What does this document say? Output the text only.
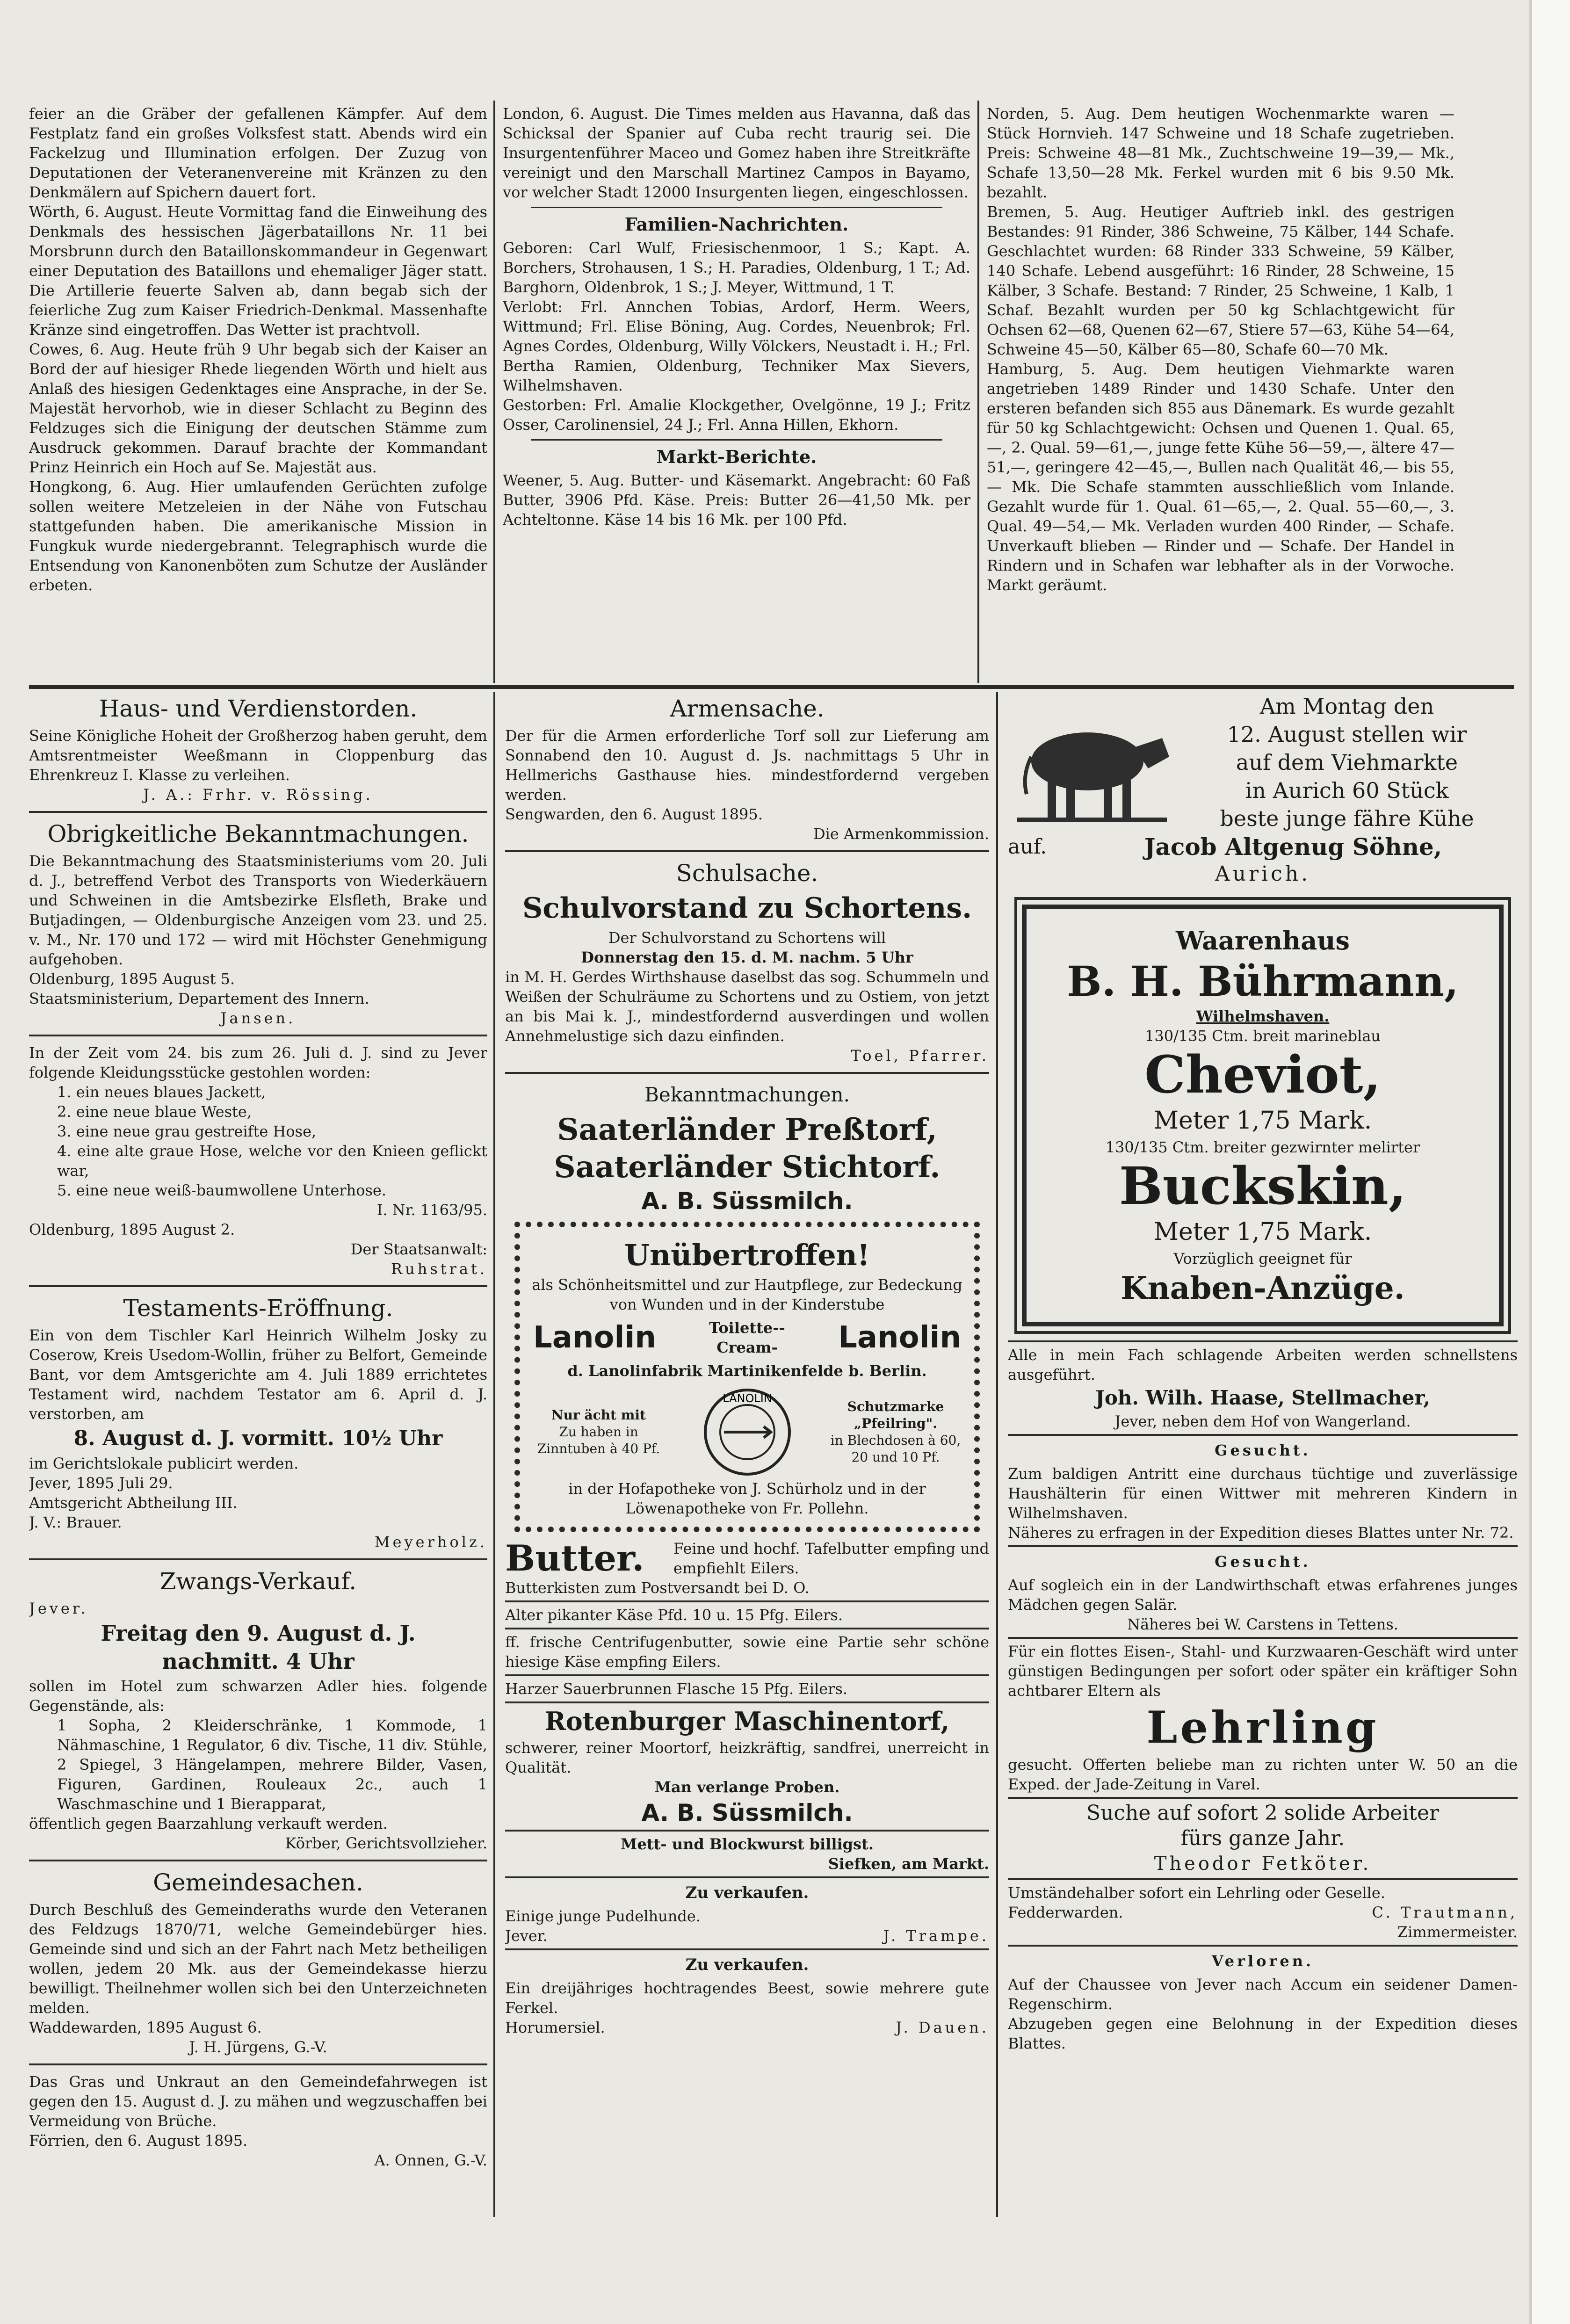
feier an die Gräber der gefallenen Kämpfer. Auf dem Festplatz fand ein großes Volksfest statt. Abends wird ein Fackelzug und Illumination erfolgen. Der Zuzug von Deputationen der Veteranenvereine mit Kränzen zu den Denkmälern auf Spichern dauert fort.

Wörth, 6. August. Heute Vormittag fand die Einweihung des Denkmals des hessischen Jägerbataillons Nr. 11 bei Morsbrunn durch den Bataillonskommandeur in Gegenwart einer Deputation des Bataillons und ehemaliger Jäger statt. Die Artillerie feuerte Salven ab, dann begab sich der feierliche Zug zum Kaiser Friedrich-Denkmal. Massenhafte Kränze sind eingetroffen. Das Wetter ist prachtvoll.

Cowes, 6. Aug. Heute früh 9 Uhr begab sich der Kaiser an Bord der auf hiesiger Rhede liegenden Wörth und hielt aus Anlaß des hiesigen Gedenktages eine Ansprache, in der Se. Majestät hervorhob, wie in dieser Schlacht zu Beginn des Feldzuges sich die Einigung der deutschen Stämme zum Ausdruck gekommen. Darauf brachte der Kommandant Prinz Heinrich ein Hoch auf Se. Majestät aus.

Hongkong, 6. Aug. Hier umlaufenden Gerüchten zufolge sollen weitere Metzeleien in der Nähe von Futschau stattgefunden haben. Die amerikanische Mission in Fungkuk wurde niedergebrannt. Telegraphisch wurde die Entsendung von Kanonenböten zum Schutze der Ausländer erbeten.

London, 6. August. Die Times melden aus Havanna, daß das Schicksal der Spanier auf Cuba recht traurig sei. Die Insurgentenführer Maceo und Gomez haben ihre Streitkräfte vereinigt und den Marschall Martinez Campos in Bayamo, vor welcher Stadt 12000 Insurgenten liegen, eingeschlossen.

Familien-Nachrichten.

Geboren: Carl Wulf, Friesischenmoor, 1 S.; Kapt. A. Borchers, Strohausen, 1 S.; H. Paradies, Oldenburg, 1 T.; Ad. Barghorn, Oldenbrok, 1 S.; J. Meyer, Wittmund, 1 T.

Verlobt: Frl. Annchen Tobias, Ardorf, Herm. Weers, Wittmund; Frl. Elise Böning, Aug. Cordes, Neuenbrok; Frl. Agnes Cordes, Oldenburg, Willy Völckers, Neustadt i. H.; Frl. Bertha Ramien, Oldenburg, Techniker Max Sievers, Wilhelmshaven.

Gestorben: Frl. Amalie Klockgether, Ovelgönne, 19 J.; Fritz Osser, Carolinensiel, 24 J.; Frl. Anna Hillen, Ekhorn.

Markt-Berichte.

Weener, 5. Aug. Butter- und Käsemarkt. Angebracht: 60 Faß Butter, 3906 Pfd. Käse. Preis: Butter 26—41,50 Mk. per Achteltonne. Käse 14 bis 16 Mk. per 100 Pfd.

Norden, 5. Aug. Dem heutigen Wochenmarkte waren — Stück Hornvieh. 147 Schweine und 18 Schafe zugetrieben. Preis: Schweine 48—81 Mk., Zuchtschweine 19—39,— Mk., Schafe 13,50—28 Mk. Ferkel wurden mit 6 bis 9.50 Mk. bezahlt.

Bremen, 5. Aug. Heutiger Auftrieb inkl. des gestrigen Bestandes: 91 Rinder, 386 Schweine, 75 Kälber, 144 Schafe. Geschlachtet wurden: 68 Rinder 333 Schweine, 59 Kälber, 140 Schafe. Lebend ausgeführt: 16 Rinder, 28 Schweine, 15 Kälber, 3 Schafe. Bestand: 7 Rinder, 25 Schweine, 1 Kalb, 1 Schaf. Bezahlt wurden per 50 kg Schlachtgewicht für Ochsen 62—68, Quenen 62—67, Stiere 57—63, Kühe 54—64, Schweine 45—50, Kälber 65—80, Schafe 60—70 Mk.

Hamburg, 5. Aug. Dem heutigen Viehmarkte waren angetrieben 1489 Rinder und 1430 Schafe. Unter den ersteren befanden sich 855 aus Dänemark. Es wurde gezahlt für 50 kg Schlachtgewicht: Ochsen und Quenen 1. Qual. 65,—, 2. Qual. 59—61,—, junge fette Kühe 56—59,—, ältere 47—51,—, geringere 42—45,—, Bullen nach Qualität 46,— bis 55,— Mk. Die Schafe stammten ausschließlich vom Inlande. Gezahlt wurde für 1. Qual. 61—65,—, 2. Qual. 55—60,—, 3. Qual. 49—54,— Mk. Verladen wurden 400 Rinder, — Schafe. Unverkauft blieben — Rinder und — Schafe. Der Handel in Rindern und in Schafen war lebhafter als in der Vorwoche. Markt geräumt.

Haus- und Verdienstorden.

Seine Königliche Hoheit der Großherzog haben geruht, dem Amtsrentmeister Weeßmann in Cloppenburg das Ehrenkreuz I. Klasse zu verleihen.

J. A.: Frhr. v. Rössing.

Obrigkeitliche Bekanntmachungen.

Die Bekanntmachung des Staatsministeriums vom 20. Juli d. J., betreffend Verbot des Transports von Wiederkäuern und Schweinen in die Amtsbezirke Elsfleth, Brake und Butjadingen, — Oldenburgische Anzeigen vom 23. und 25. v. M., Nr. 170 und 172 — wird mit Höchster Genehmigung aufgehoben.

Oldenburg, 1895 August 5.

Staatsministerium, Departement des Innern.

Jansen.

In der Zeit vom 24. bis zum 26. Juli d. J. sind zu Jever folgende Kleidungsstücke gestohlen worden:

1. ein neues blaues Jackett,

2. eine neue blaue Weste,

3. eine neue grau gestreifte Hose,

4. eine alte graue Hose, welche vor den Knieen geflickt war,

5. eine neue weiß-baumwollene Unterhose.

I. Nr. 1163/95.

Oldenburg, 1895 August 2.

Der Staatsanwalt:

Ruhstrat.

Testaments-Eröffnung.

Ein von dem Tischler Karl Heinrich Wilhelm Josky zu Coserow, Kreis Usedom-Wollin, früher zu Belfort, Gemeinde Bant, vor dem Amtsgerichte am 4. Juli 1889 errichtetes Testament wird, nachdem Testator am 6. April d. J. verstorben, am

8. August d. J. vormitt. 10½ Uhr

im Gerichtslokale publicirt werden.

Jever, 1895 Juli 29.

Amtsgericht Abtheilung III.

J. V.: Brauer.

Meyerholz.

Zwangs-Verkauf.

Jever.

Freitag den 9. August d. J.

nachmitt. 4 Uhr

sollen im Hotel zum schwarzen Adler hies. folgende Gegenstände, als:

1 Sopha, 2 Kleiderschränke, 1 Kommode, 1 Nähmaschine, 1 Regulator, 6 div. Tische, 11 div. Stühle, 2 Spiegel, 3 Hängelampen, mehrere Bilder, Vasen, Figuren, Gardinen, Rouleaux 2c., auch 1 Waschmaschine und 1 Bierapparat,

öffentlich gegen Baarzahlung verkauft werden.

Körber, Gerichtsvollzieher.

Gemeindesachen.

Durch Beschluß des Gemeinderaths wurde den Veteranen des Feldzugs 1870/71, welche Gemeindebürger hies. Gemeinde sind und sich an der Fahrt nach Metz betheiligen wollen, jedem 20 Mk. aus der Gemeindekasse hierzu bewilligt. Theilnehmer wollen sich bei den Unterzeichneten melden.

Waddewarden, 1895 August 6.

J. H. Jürgens, G.-V.

Das Gras und Unkraut an den Gemeindefahrwegen ist gegen den 15. August d. J. zu mähen und wegzuschaffen bei Vermeidung von Brüche.

Förrien, den 6. August 1895.

A. Onnen, G.-V.

Armensache.

Der für die Armen erforderliche Torf soll zur Lieferung am Sonnabend den 10. August d. Js. nachmittags 5 Uhr in Hellmerichs Gasthause hies. mindestfordernd vergeben werden.

Sengwarden, den 6. August 1895.

Die Armenkommission.

Schulsache.

Schulvorstand zu Schortens.

Der Schulvorstand zu Schortens will

Donnerstag den 15. d. M. nachm. 5 Uhr

in M. H. Gerdes Wirthshause daselbst das sog. Schummeln und Weißen der Schulräume zu Schortens und zu Ostiem, von jetzt an bis Mai k. J., mindestfordernd ausverdingen und wollen Annehmelustige sich dazu einfinden.

Toel, Pfarrer.

Bekanntmachungen.

Saaterländer Preßtorf,

Saaterländer Stichtorf.

A. B. Süssmilch.

Unübertroffen!

als Schönheitsmittel und zur Hautpflege, zur Bedeckung von Wunden und in der Kinderstube

Lanolin	Toilette--Cream-	Lanolin

d. Lanolinfabrik Martinikenfelde b. Berlin.

Nur ächt mit

Zu haben in Zinntuben à 40 Pf.

LANOLIN

Schutzmarke „Pfeilring".

in Blechdosen à 60, 20 und 10 Pf.

in der Hofapotheke von J. Schürholz und in der Löwenapotheke von Fr. Pollehn.

Butter.	Feine und hochf. Tafelbutter empfing und empfiehlt Eilers.

Butterkisten zum Postversandt bei D. O.

Alter pikanter Käse Pfd. 10 u. 15 Pfg. Eilers.

ff. frische Centrifugenbutter, sowie eine Partie sehr schöne hiesige Käse empfing Eilers.

Harzer Sauerbrunnen Flasche 15 Pfg. Eilers.

Rotenburger Maschinentorf,

schwerer, reiner Moortorf, heizkräftig, sandfrei, unerreicht in Qualität.

Man verlange Proben.

A. B. Süssmilch.

Mett- und Blockwurst billigst.

Siefken, am Markt.

Zu verkaufen.

Einige junge Pudelhunde.

Jever.	J. Trampe.

Zu verkaufen.

Ein dreijähriges hochtragendes Beest, sowie mehrere gute Ferkel.

Horumersiel.	J. Dauen.

Am Montag den

12. August stellen wir

auf dem Viehmarkte

in Aurich 60 Stück

beste junge fähre Kühe

auf.	Jacob Altgenug Söhne,

Aurich.

Waarenhaus

B. H. Bührmann,

Wilhelmshaven.

130/135 Ctm. breit marineblau

Cheviot,

Meter 1,75 Mark.

130/135 Ctm. breiter gezwirnter melirter

Buckskin,

Meter 1,75 Mark.

Vorzüglich geeignet für

Knaben-Anzüge.

Alle in mein Fach schlagende Arbeiten werden schnellstens ausgeführt.

Joh. Wilh. Haase, Stellmacher,

Jever, neben dem Hof von Wangerland.

Gesucht.

Zum baldigen Antritt eine durchaus tüchtige und zuverlässige Haushälterin für einen Wittwer mit mehreren Kindern in Wilhelmshaven.

Näheres zu erfragen in der Expedition dieses Blattes unter Nr. 72.

Gesucht.

Auf sogleich ein in der Landwirthschaft etwas erfahrenes junges Mädchen gegen Salär.

Näheres bei W. Carstens in Tettens.

Für ein flottes Eisen-, Stahl- und Kurzwaaren-Geschäft wird unter günstigen Bedingungen per sofort oder später ein kräftiger Sohn achtbarer Eltern als

Lehrling

gesucht. Offerten beliebe man zu richten unter W. 50 an die Exped. der Jade-Zeitung in Varel.

Suche auf sofort 2 solide Arbeiter

fürs ganze Jahr.

Theodor Fetköter.

Umständehalber sofort ein Lehrling oder Geselle.

Fedderwarden.	C. Trautmann,

Zimmermeister.

Verloren.

Auf der Chaussee von Jever nach Accum ein seidener Damen-Regenschirm.

Abzugeben gegen eine Belohnung in der Expedition dieses Blattes.
